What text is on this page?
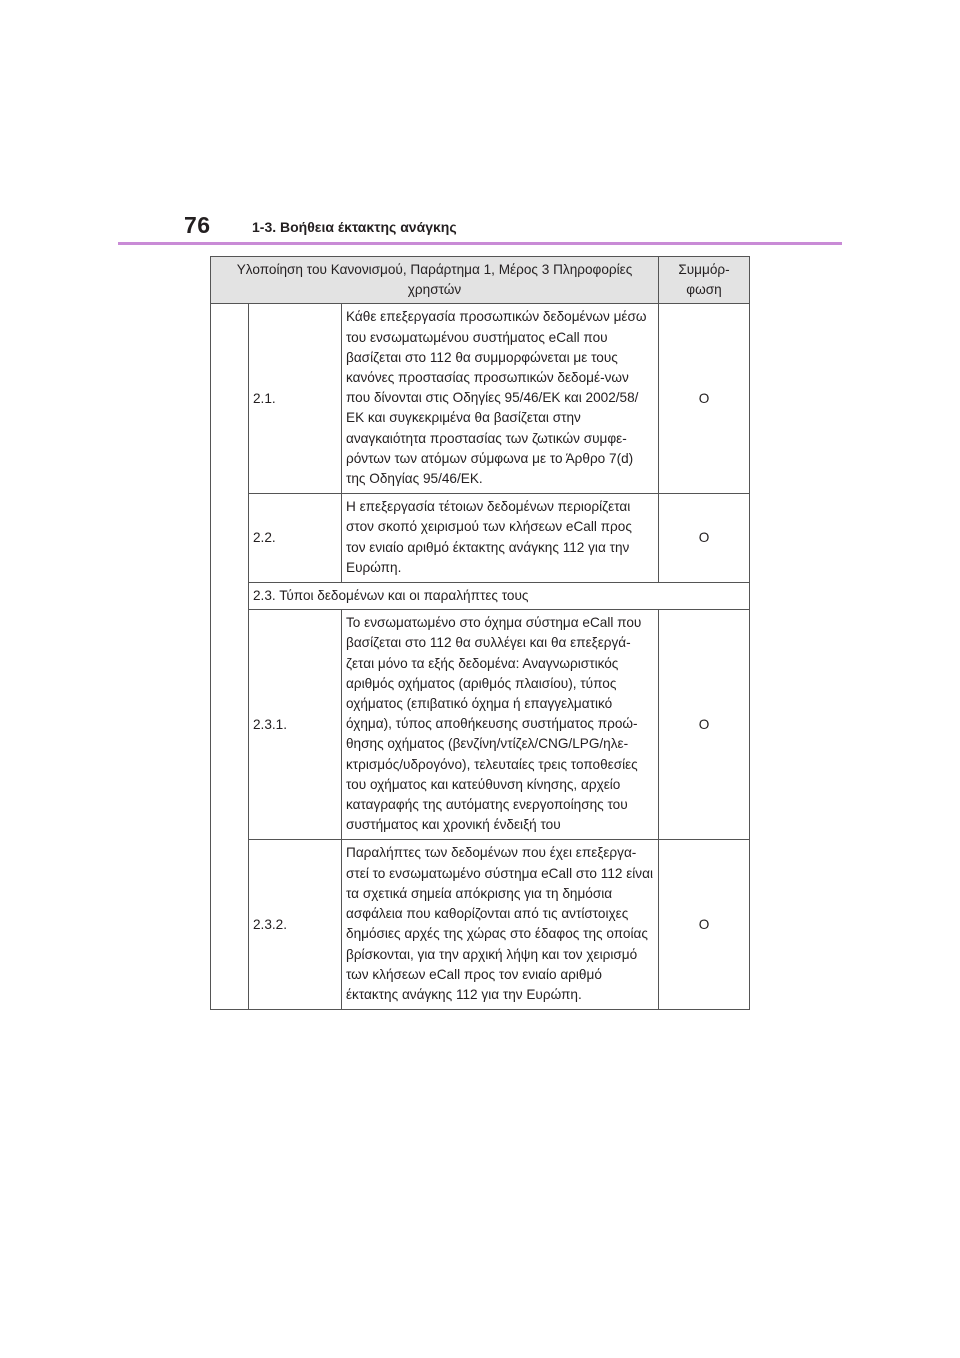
76	1-3. Βοήθεια έκτακτης ανάγκης
Υλοποίηση του Κανονισμού, Παράρτημα 1, Μέρος 3 Πληροφορίες χρηστών			Συμμόρ-φωση
	2.1.	Κάθε επεξεργασία προσωπικών δεδομένων μέσω του ενσωματωμένου συστήματος eCall που βασίζεται στο 112 θα συμμορφώνεται με τους κανόνες προστασίας προσωπικών δεδομέ-νων που δίνονται στις Οδηγίες 95/46/ΕΚ και 2002/58/ΕΚ και συγκεκριμένα θα βασίζεται στην αναγκαιότητα προστασίας των ζωτικών συμφε-ρόντων των ατόμων σύμφωνα με το Άρθρο 7(d) της Οδηγίας 95/46/ΕΚ.	Ο
	2.2.	Η επεξεργασία τέτοιων δεδομένων περιορίζεται στον σκοπό χειρισμού των κλήσεων eCall προς τον ενιαίο αριθμό έκτακτης ανάγκης 112 για την Ευρώπη.	Ο
	2.3. Τύποι δεδομένων και οι παραλήπτες τους		
	2.3.1.	Το ενσωματωμένο στο όχημα σύστημα eCall που βασίζεται στο 112 θα συλλέγει και θα επεξεργά-ζεται μόνο τα εξής δεδομένα: Αναγνωριστικός αριθμός οχήματος (αριθμός πλαισίου), τύπος οχήματος (επιβατικό όχημα ή επαγγελματικό όχημα), τύπος αποθήκευσης συστήματος προώ-θησης οχήματος (βενζίνη/ντίζελ/CNG/LPG/ηλε-κτρισμός/υδρογόνο), τελευταίες τρεις τοποθεσίες του οχήματος και κατεύθυνση κίνησης, αρχείο καταγραφής της αυτόματης ενεργοποίησης του συστήματος και χρονική ένδειξή του	Ο
	2.3.2.	Παραλήπτες των δεδομένων που έχει επεξεργα-στεί το ενσωματωμένο σύστημα eCall στο 112 είναι τα σχετικά σημεία απόκρισης για τη δημόσια ασφάλεια που καθορίζονται από τις αντίστοιχες δημόσιες αρχές της χώρας στο έδαφος της οποίας βρίσκονται, για την αρχική λήψη και τον χειρισμό των κλήσεων eCall προς τον ενιαίο αριθμό έκτακτης ανάγκης 112 για την Ευρώπη.	Ο
